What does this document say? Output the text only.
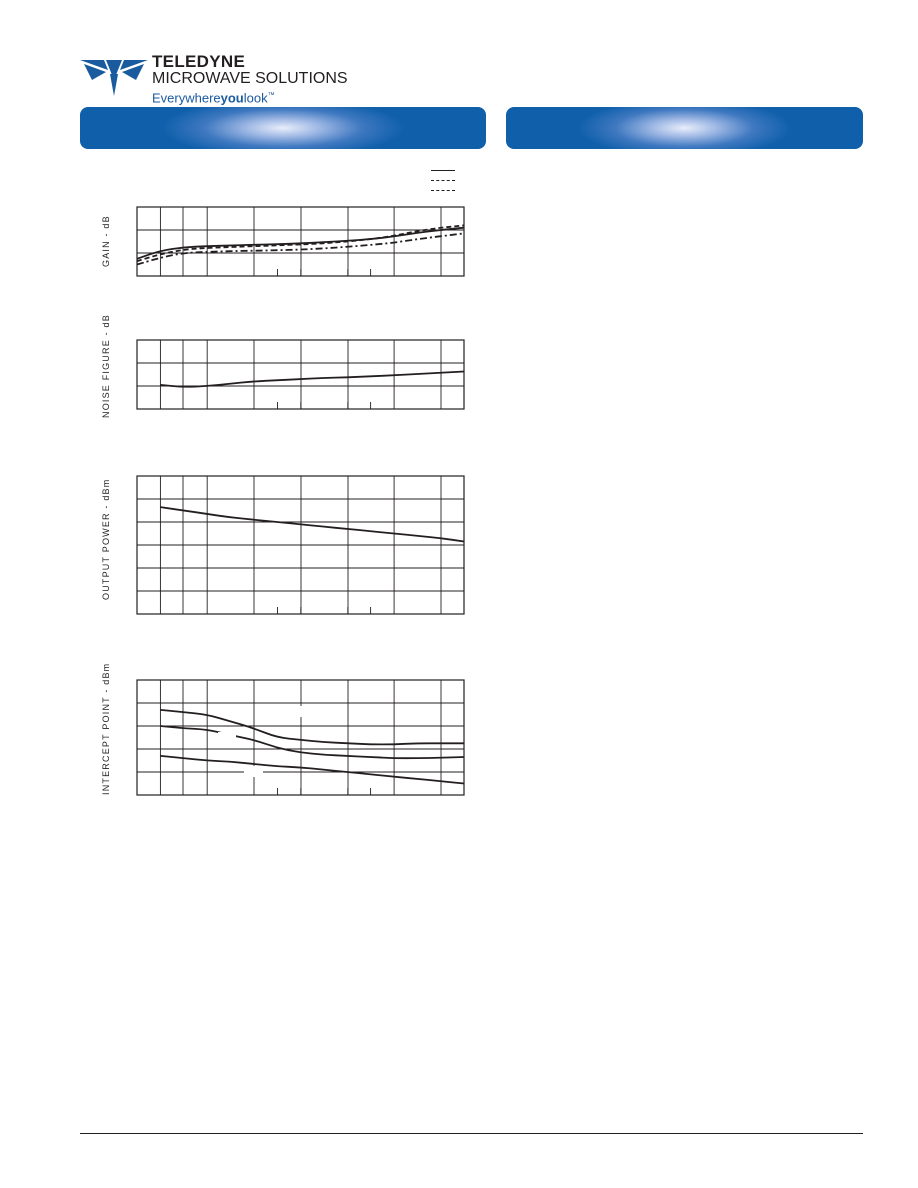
TELEDYNE
MICROWAVE SOLUTIONS
Everywhereyoulook™
GAIN - dB
NOISE FIGURE - dB
OUTPUT POWER - dBm
INTERCEPT POINT - dBm
